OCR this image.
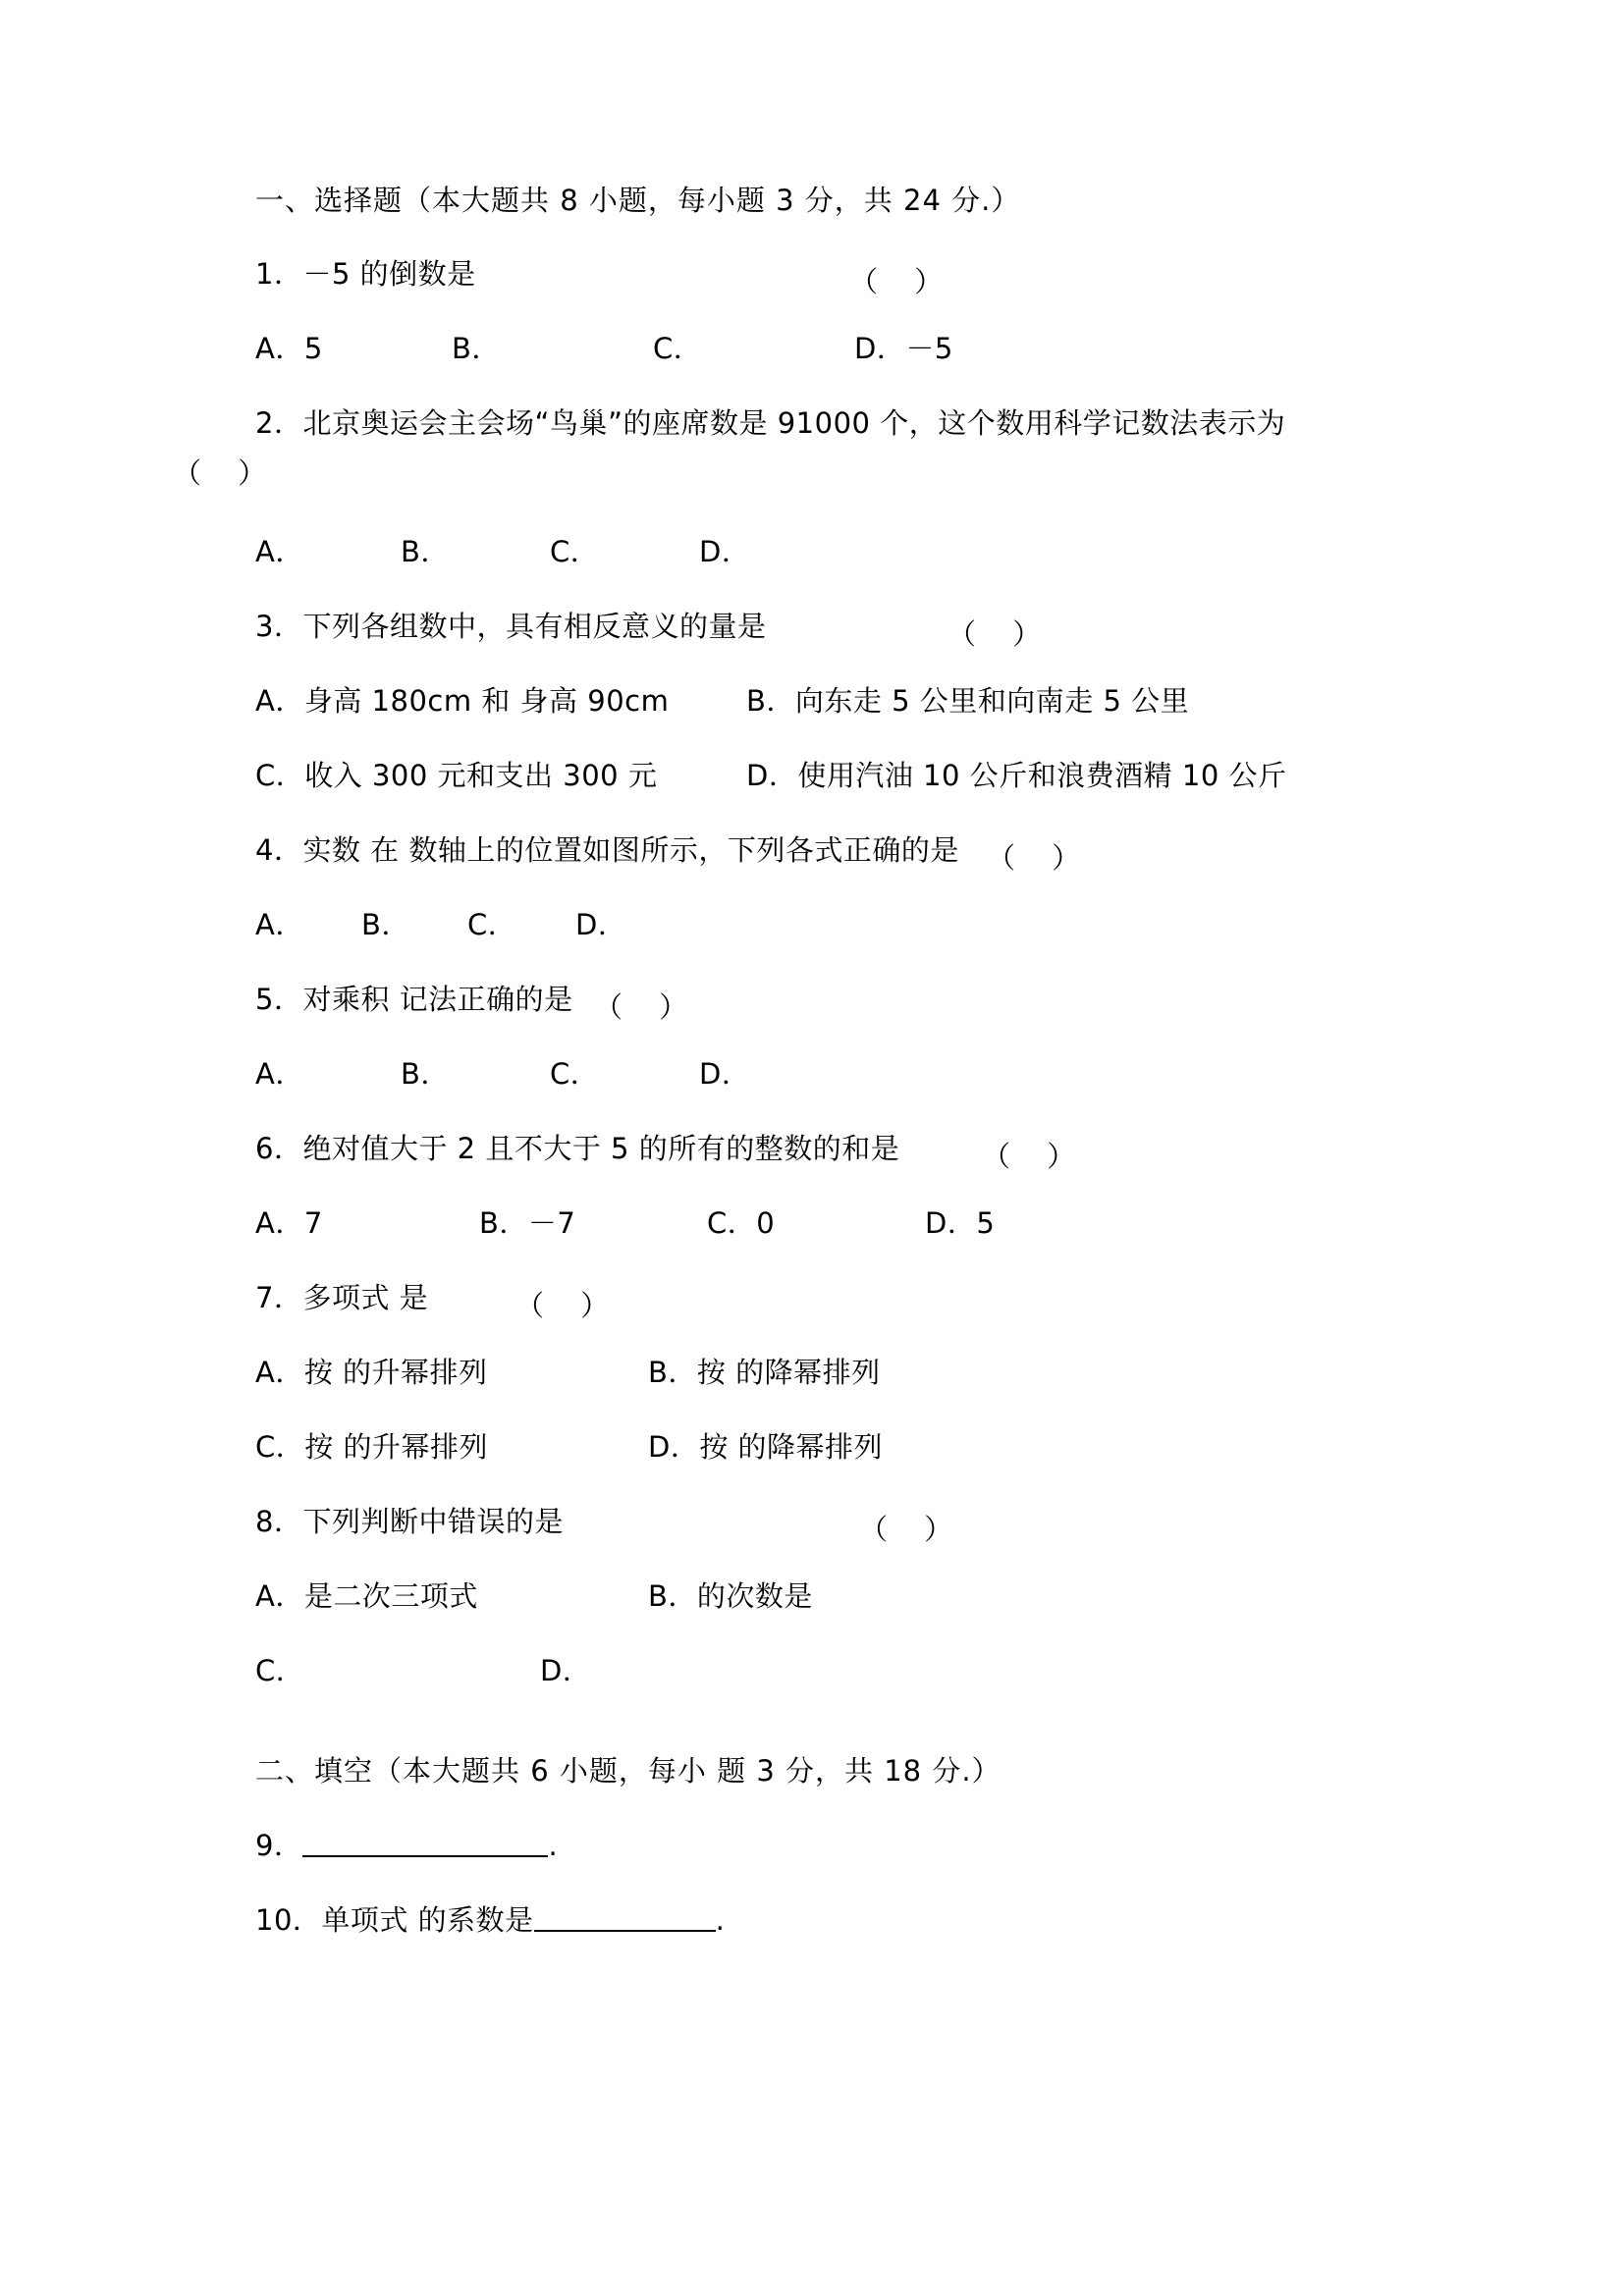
一、选择题（本大题共 8 小题，每小题 3 分，共 24 分.）
1．－5 的倒数是	（ ）
A．5	B．	C．	D．－5
2．北京奥运会主会场“鸟巢”的座席数是 91000 个，这个数用科学记数法表示为
（ ）
A．	B．	C．	D．
3．下列各组数中，具有相反意义的量是	（ ）
A．身高 180cm 和 身高 90cm	B．向东走 5 公里和向南走 5 公里
C．收入 300 元和支出 300 元	D．使用汽油 10 公斤和浪费酒精 10 公斤
4．实数 在 数轴上的位置如图所示，下列各式正确的是 （ ）
A． B． C． D．
5．对乘积 记法正确的是 （ ）
A．	B．	C．	D．
6．绝对值大于 2 且不大于 5 的所有的整数的和是	（ ）
A．7	B．－7	C．0	D．5
7．多项式 是	（ ）
A．按 的升幂排列	B．按 的降幂排列
C．按 的升幂排列	D．按 的降幂排列
8．下列判断中错误的是	（ ）
A．是二次三项式	B．的次数是
C．	D．
二、填空（本大题共 6 小题，每小 题 3 分，共 18 分.）
9．	.
10．单项式 的系数是	.
